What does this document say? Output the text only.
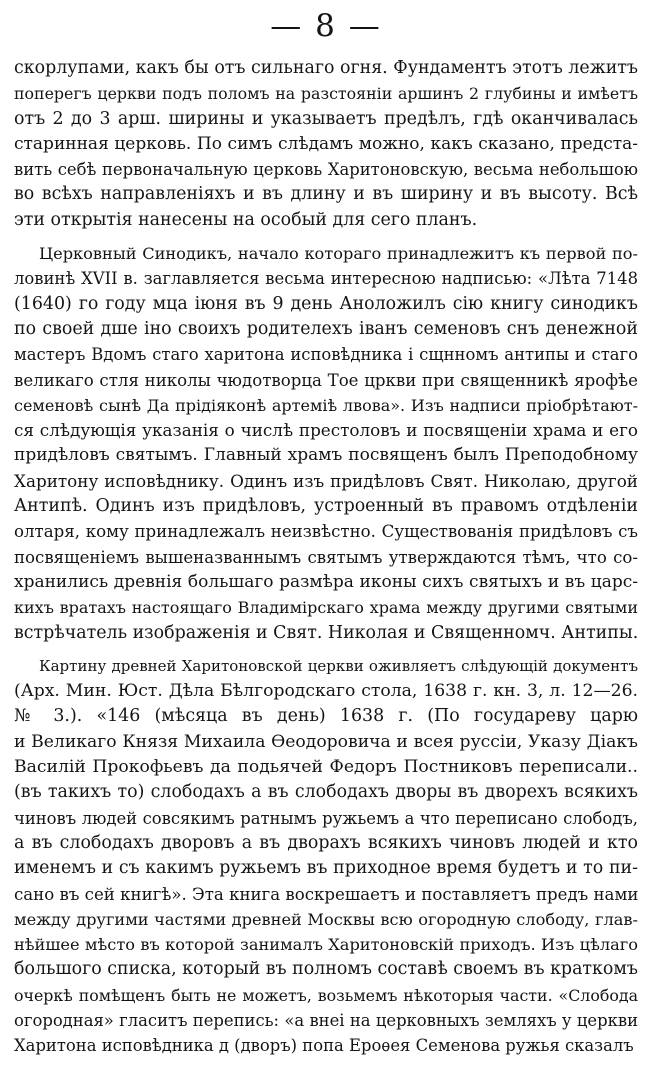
— 8 —
скорлупами, какъ бы отъ сильнаго огня. Фундаментъ этотъ лежитъ
поперегъ церкви подъ поломъ на разстояніи аршинъ 2 глубины и имѣетъ
отъ 2 до 3 арш. ширины и указываетъ предѣлъ, гдѣ оканчивалась
старинная церковь. По симъ слѣдамъ можно, какъ сказано, предста-
вить себѣ первоначальную церковь Харитоновскую, весьма небольшою
во всѣхъ направленіяхъ и въ длину и въ ширину и въ высоту. Всѣ
эти открытія нанесены на особый для сего планъ.
Церковный Синодикъ, начало котораго принадлежитъ къ первой по-
ловинѣ XVII в. заглавляется весьма интересною надписью: «Лѣта 7148
(1640) го году мца іюня въ 9 день Аноложилъ сію книгу синодикъ
по своей дше іно своихъ родителехъ іванъ семеновъ снъ денежной
мастеръ Вдомъ стаго харитона исповѣдника і сщнномъ антипы и стаго
великаго стля николы чюдотворца Тое цркви при священникѣ ярофѣе
семеновѣ сынѣ Да прідіяконѣ артеміѣ лвова». Изъ надписи пріобрѣтают-
ся слѣдующія указанія о числѣ престоловъ и посвященіи храма и его
придѣловъ святымъ. Главный храмъ посвященъ былъ Преподобному
Харитону исповѣднику. Одинъ изъ придѣловъ Свят. Николаю, другой
Антипѣ. Одинъ изъ придѣловъ, устроенный въ правомъ отдѣленіи
олтаря, кому принадлежалъ неизвѣстно. Существованія придѣловъ съ
посвященіемъ вышеназваннымъ святымъ утверждаются тѣмъ, что со-
хранились древнія большаго размѣра иконы сихъ святыхъ и въ царс-
кихъ вратахъ настоящаго Владимірскаго храма между другими святыми
встрѣчатель изображенія и Свят. Николая и Священномч. Антипы.
Картину древней Харитоновской церкви оживляетъ слѣдующій документъ
(Арх. Мин. Юст. Дѣла Бѣлгородскаго стола, 1638 г. кн. 3, л. 12—26.
№ 3.). «146 (мѣсяца въ день) 1638 г. (По государеву царю
и Великаго Князя Михаила Ѳеодоровича и всея руссіи, Указу Діакъ
Василій Прокофьевъ да подьячей Федоръ Постниковъ переписали..
(въ такихъ то) слободахъ а въ слободахъ дворы въ дворехъ всякихъ
чиновъ людей совсякимъ ратнымъ ружьемъ а что переписано слободъ,
а въ слободахъ дворовъ а въ дворахъ всякихъ чиновъ людей и кто
именемъ и съ какимъ ружьемъ въ приходное время будетъ и то пи-
сано въ сей книгѣ». Эта книга воскрешаетъ и поставляетъ предъ нами
между другими частями древней Москвы всю огородную слободу, глав-
нѣйшее мѣсто въ которой занималъ Харитоновскій приходъ. Изъ цѣлаго
большого списка, который въ полномъ составѣ своемъ въ краткомъ
очеркѣ помѣщенъ быть не можетъ, возьмемъ нѣкоторыя части. «Слобода
огородная» гласитъ перепись: «а внеі на церковныхъ земляхъ у церкви
Харитона исповѣдника д (дворъ) попа Ероѳея Семенова ружья сказалъ
